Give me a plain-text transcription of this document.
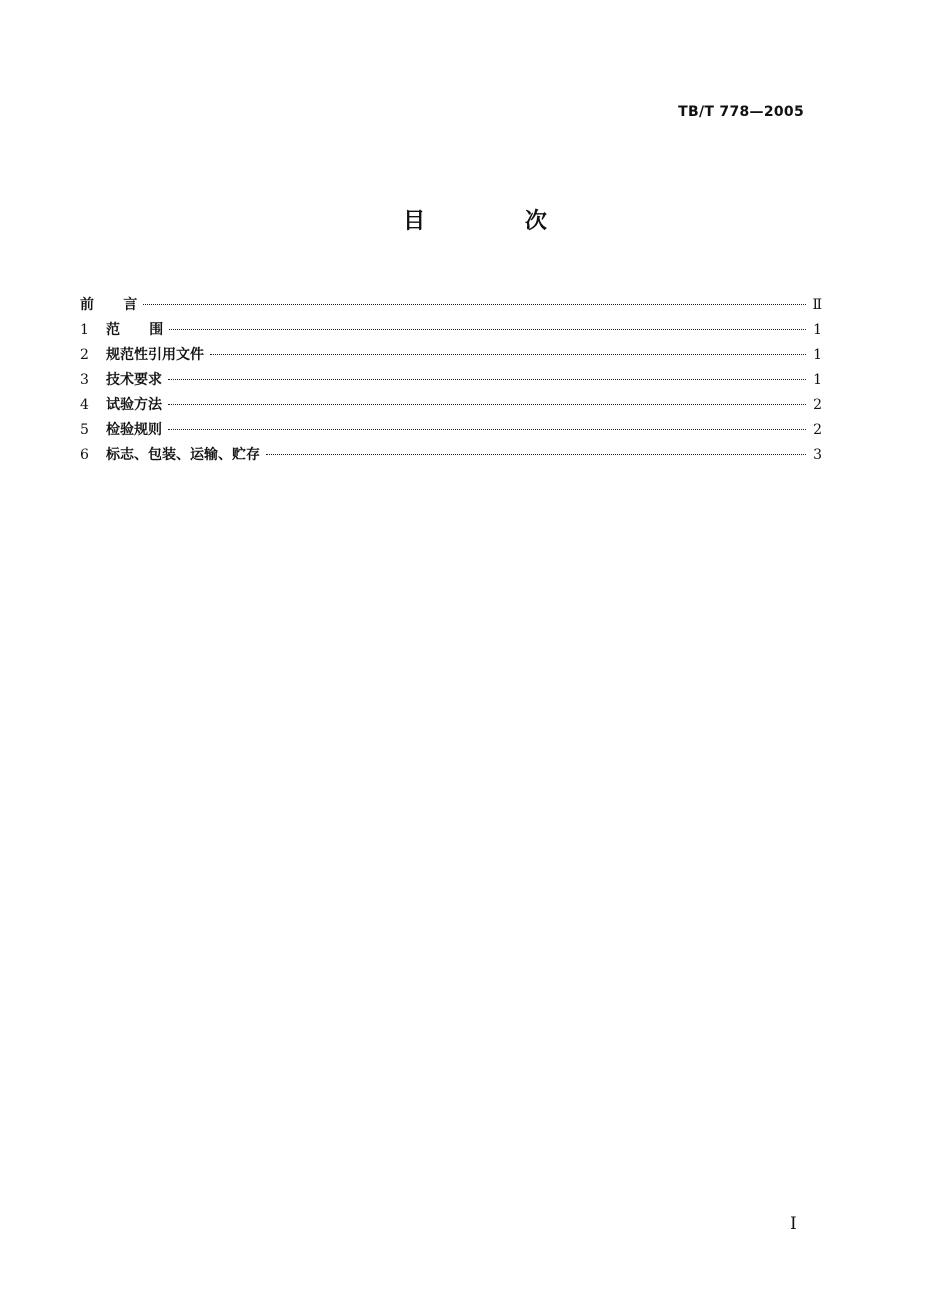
TB/T 778—2005
目 次
前      言	Ⅱ
1	范      围	1
2	规范性引用文件	1
3	技术要求	1
4	试验方法	2
5	检验规则	2
6	标志、包装、运输、贮存	3
Ⅰ
